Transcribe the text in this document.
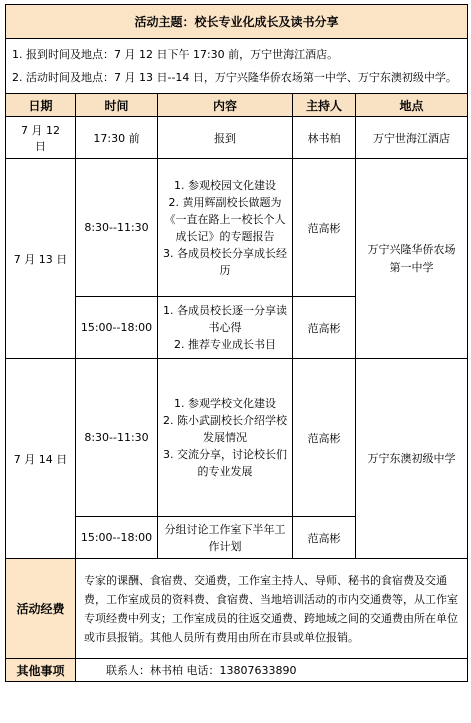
活动主题：校长专业化成长及读书分享				

1. 报到时间及地点：7 月 12 日下午 17:30 前，万宁世海江酒店。
2. 活动时间及地点：7 月 13 日--14 日，万宁兴隆华侨农场第一中学、万宁东澳初级中学。				

日期	时间	内容	主持人	地点
7 月 12 日	17:30 前	报到	林书柏	万宁世海江酒店
7 月 13 日	8:30--11:30	1. 参观校园文化建设
2. 黄用辉副校长做题为《一直在路上一校长个人成长记》的专题报告
3. 各成员校长分享成长经历	范高彬	万宁兴隆华侨农场第一中学
	15:00--18:00	1. 各成员校长逐一分享读书心得
2. 推荐专业成长书目	范高彬	
7 月 14 日	8:30--11:30	1. 参观学校文化建设
2. 陈小武副校长介绍学校发展情况
3. 交流分享，讨论校长们的专业发展	范高彬	万宁东澳初级中学
	15:00--18:00	分组讨论工作室下半年工作计划	范高彬	
活动经费	专家的课酬、食宿费、交通费，工作室主持人、导师、秘书的食宿费及交通费，工作室成员的资料费、食宿费、当地培训活动的市内交通费等，从工作室专项经费中列支；工作室成员的往返交通费、跨地域之间的交通费由所在单位或市县报销。其他人员所有费用由所在市县或单位报销。			
其他事项	联系人：林书柏 电话：13807633890			
